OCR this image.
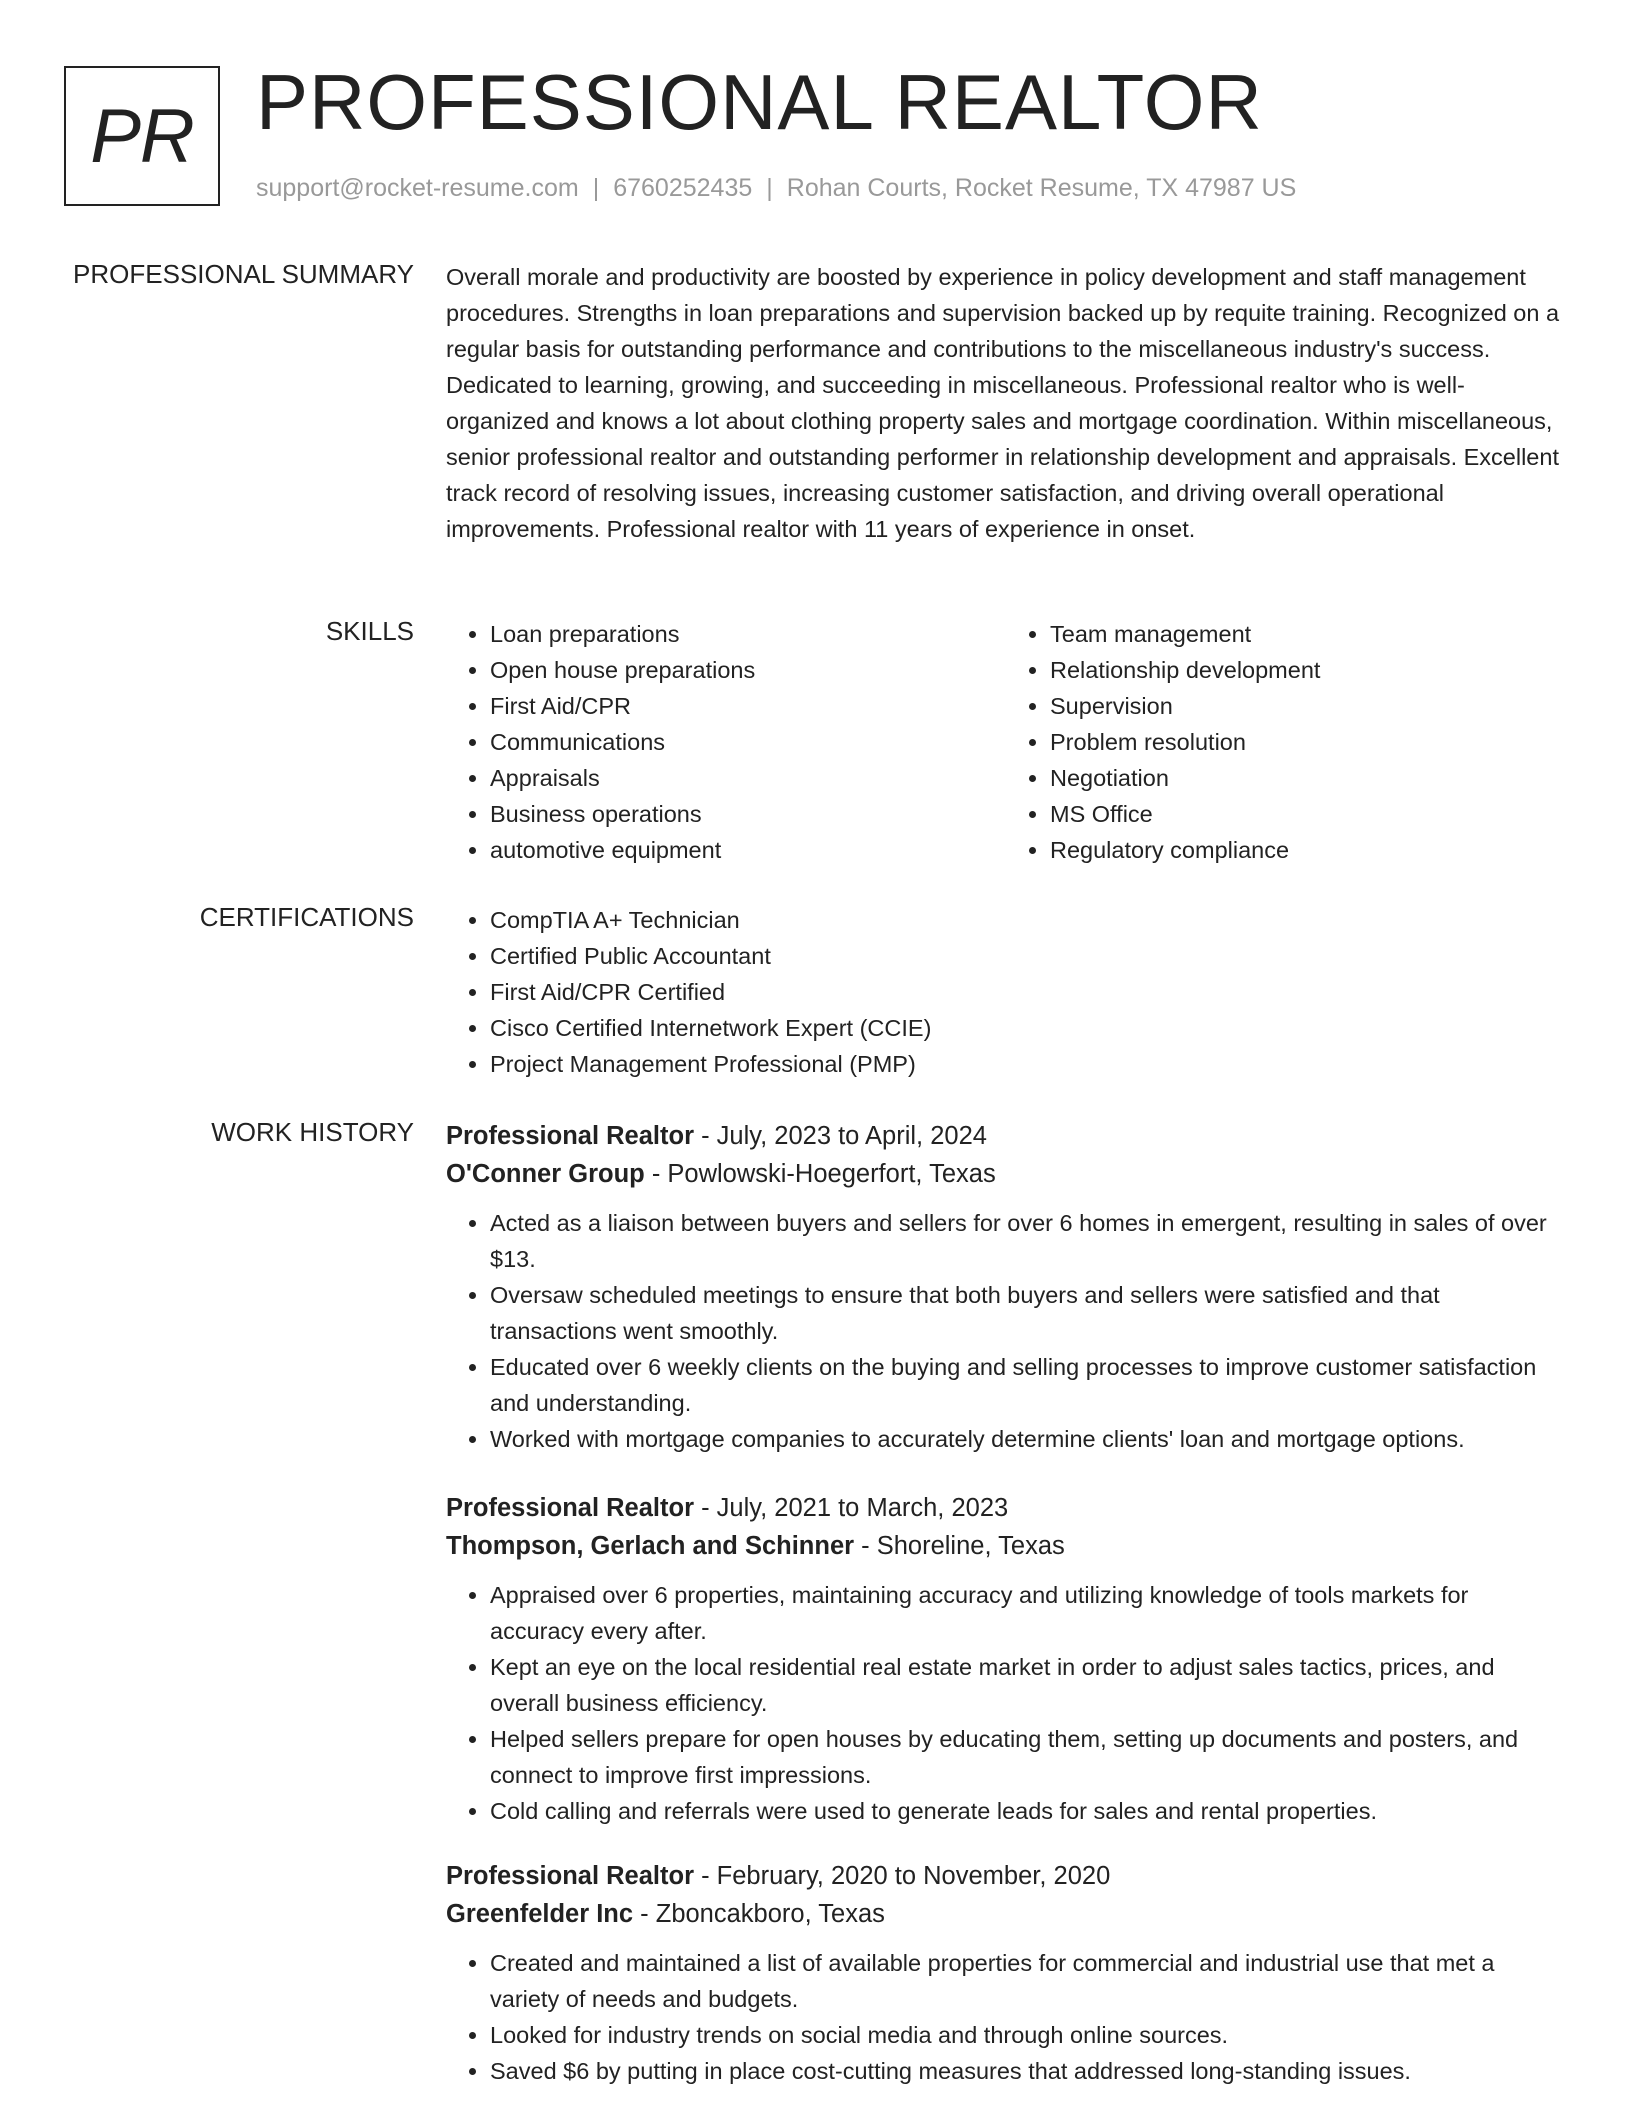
PR PROFESSIONAL REALTOR
support@rocket-resume.com | 6760252435 | Rohan Courts, Rocket Resume, TX 47987 US
PROFESSIONAL SUMMARY Overall morale and productivity are boosted by experience in policy development and staff management procedures. Strengths in loan preparations and supervision backed up by requite training. Recognized on a regular basis for outstanding performance and contributions to the miscellaneous industry's success. Dedicated to learning, growing, and succeeding in miscellaneous. Professional realtor who is well-organized and knows a lot about clothing property sales and mortgage coordination. Within miscellaneous, senior professional realtor and outstanding performer in relationship development and appraisals. Excellent track record of resolving issues, increasing customer satisfaction, and driving overall operational improvements. Professional realtor with 11 years of experience in onset.

SKILLS	• Loan preparations
• Open house preparations
• First Aid/CPR
• Communications
• Appraisals
• Business operations
• automotive equipment
• Team management
• Relationship development
• Supervision
• Problem resolution
• Negotiation
• MS Office
• Regulatory compliance
CERTIFICATIONS	• CompTIA A+ Technician
• Certified Public Accountant
• First Aid/CPR Certified
• Cisco Certified Internetwork Expert (CCIE)
• Project Management Professional (PMP)
WORK HISTORY Professional Realtor - July, 2023 to April, 2024
O'Conner Group - Powlowski-Hoegerfort, Texas
• Acted as a liaison between buyers and sellers for over 6 homes in emergent, resulting in sales of over $13.
• Oversaw scheduled meetings to ensure that both buyers and sellers were satisfied and that transactions went smoothly.
• Educated over 6 weekly clients on the buying and selling processes to improve customer satisfaction and understanding.
• Worked with mortgage companies to accurately determine clients' loan and mortgage options.
Professional Realtor - July, 2021 to March, 2023
Thompson, Gerlach and Schinner - Shoreline, Texas
• Appraised over 6 properties, maintaining accuracy and utilizing knowledge of tools markets for accuracy every after.
• Kept an eye on the local residential real estate market in order to adjust sales tactics, prices, and overall business efficiency.
• Helped sellers prepare for open houses by educating them, setting up documents and posters, and connect to improve first impressions.
• Cold calling and referrals were used to generate leads for sales and rental properties.
Professional Realtor - February, 2020 to November, 2020
Greenfelder Inc - Zboncakboro, Texas
• Created and maintained a list of available properties for commercial and industrial use that met a variety of needs and budgets.
• Looked for industry trends on social media and through online sources.
• Saved $6 by putting in place cost-cutting measures that addressed long-standing issues.
